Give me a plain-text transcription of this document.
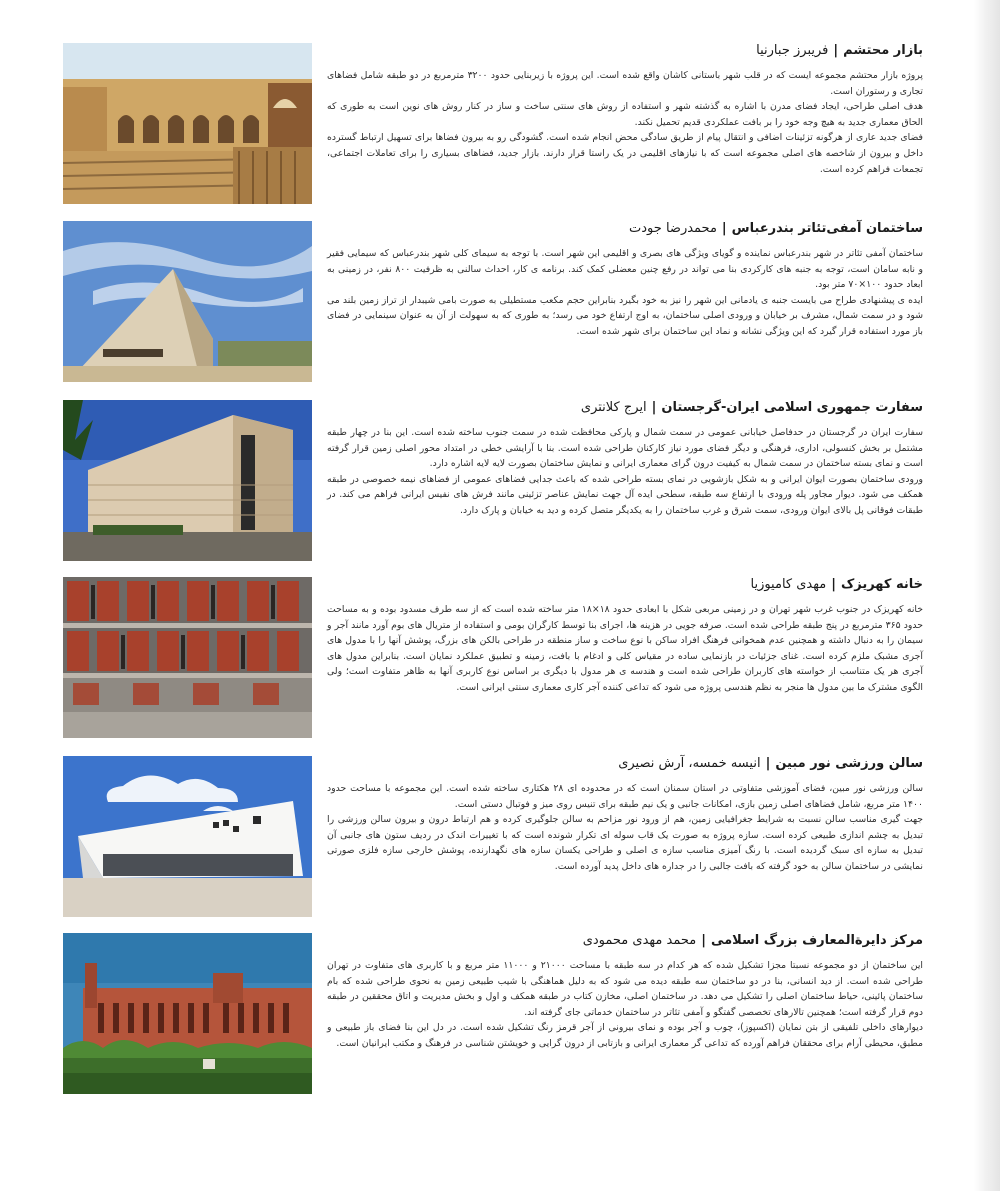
بازار محتشم|فریبرز جبارنیا

پروژه بازار محتشم مجموعه ایست که در قلب شهر باستانی کاشان واقع شده است. این پروژه با زیربنایی حدود ۳۲۰۰ مترمربع در دو طبقه شامل فضاهای تجاری و رستوران است.

هدف اصلی طراحی، ایجاد فضای مدرن با اشاره به گذشته شهر و استفاده از روش های سنتی ساخت و ساز در کنار روش های نوین است به طوری که الحاق معماری جدید به هیچ وجه خود را بر بافت عملکردی قدیم تحمیل نکند.

فضای جدید عاری از هرگونه تزئینات اضافی و انتقال پیام از طریق سادگی محض انجام شده است. گشودگی رو به بیرون فضاها برای تسهیل ارتباط گسترده داخل و بیرون از شاخصه های اصلی مجموعه است که با نیازهای اقلیمی در یک راستا قرار دارند. بازار جدید، فضاهای بسیاری را برای تعاملات اجتماعی، تجمعات فراهم کرده است.

ساختمان آمفی‌تئاتر بندرعباس|محمدرضا جودت

ساختمان آمفی تئاتر در شهر بندرعباس نماینده و گویای ویژگی های بصری و اقلیمی این شهر است. با توجه به سیمای کلی شهر بندرعباس که سیمایی فقیر و نابه سامان است، توجه به جنبه های کارکردی بنا می تواند در رفع چنین معضلی کمک کند. برنامه ی کار، احداث سالنی به ظرفیت ۸۰۰ نفر، در زمینی به ابعاد حدود ۱۰۰×۷۰ متر بود.

ایده ی پیشنهادی طراح می بایست جنبه ی یادمانی این شهر را نیز به خود بگیرد بنابراین حجم مکعب مستطیلی به صورت بامی شیبدار از تراز زمین بلند می شود و در سمت شمال، مشرف بر خیابان و ورودی اصلی ساختمان، به اوج ارتفاع خود می رسد؛ به طوری که به سهولت از آن به عنوان سینمایی در فضای باز مورد استفاده قرار گیرد که این ویژگی نشانه و نماد این ساختمان برای شهر شده است.

سفارت جمهوری اسلامی ایران-گرجستان|ایرج کلانتری

سفارت ایران در گرجستان در حدفاصل خیابانی عمومی در سمت شمال و پارکی محافظت شده در سمت جنوب ساخته شده است. این بنا در چهار طبقه مشتمل بر بخش کنسولی، اداری، فرهنگی و دیگر فضای مورد نیاز کارکنان طراحی شده است. بنا با آرایشی خطی در امتداد محور اصلی زمین قرار گرفته است و نمای بسته ساختمان در سمت شمال به کیفیت درون گرای معماری ایرانی و نمایش ساختمان بصورت لایه لایه اشاره دارد.

ورودی ساختمان بصورت ایوان ایرانی و به شکل بازشویی در نمای بسته طراحی شده که باعث جدایی فضاهای عمومی از فضاهای نیمه خصوصی در طبقه همکف می شود. دیوار مجاور پله ورودی با ارتفاع سه طبقه، سطحی ایده آل جهت نمایش عناصر تزئینی مانند فرش های نفیس ایرانی فراهم می کند. در طبقات فوقانی پل بالای ایوان ورودی، سمت شرق و غرب ساختمان را به یکدیگر متصل کرده و دید به خیابان و پارک دارد.

خانه کهریزک|مهدی کامیوزیا

خانه کهریزک در جنوب غرب شهر تهران و در زمینی مربعی شکل با ابعادی حدود ۱۸×۱۸ متر ساخته شده است که از سه طرف مسدود بوده و به مساحت حدود ۳۶۵ مترمربع در پنج طبقه طراحی شده است. صرفه جویی در هزینه ها، اجرای بنا توسط کارگران بومی و استفاده از متریال های بوم آورد مانند آجر و سیمان را به دنبال داشته و همچنین عدم همخوانی فرهنگ افراد ساکن با نوع ساخت و ساز منطقه در طراحی بالکن های بزرگ، پوشش آنها را با مدول های آجری مشبک ملزم کرده است. غنای جزئیات در بازنمایی ساده در مقیاس کلی و ادغام با بافت، زمینه و تطبیق عملکرد نمایان است. بنابراین مدول های آجری هر یک متناسب از خواسته های کاربران طراحی شده است و هندسه ی هر مدول با دیگری بر اساس نوع کاربری آنها به ظاهر متفاوت است؛ ولی الگوی مشترک ما بین مدول ها منجر به نظم هندسی پروژه می شود که تداعی کننده آجر کاری معماری سنتی ایرانی است.

سالن ورزشی نور مبین|انیسه خمسه، آرش نصیری

سالن ورزشی نور مبین، فضای آموزشی متفاوتی در استان سمنان است که در محدوده ای ۲۸ هکتاری ساخته شده است. این مجموعه با مساحت حدود ۱۴۰۰ متر مربع، شامل فضاهای اصلی زمین بازی، امکانات جانبی و یک نیم طبقه برای تنیس روی میز و فوتبال دستی است.

جهت گیری مناسب سالن نسبت به شرایط جغرافیایی زمین، هم از ورود نور مزاحم به سالن جلوگیری کرده و هم ارتباط درون و بیرون سالن ورزشی را تبدیل به چشم اندازی طبیعی کرده است. سازه پروژه به صورت یک قاب سوله ای تکرار شونده است که با تغییرات اندک در ردیف ستون های جانبی آن تبدیل به سازه ای سبک گردیده است. با رنگ آمیزی مناسب سازه ی اصلی و طراحی یکسان سازه های نگهدارنده، پوشش خارجی سازه فلزی صورتی نمایشی در ساختمان سالن به خود گرفته که بافت جالبی را در جداره های داخل پدید آورده است.

مرکز دایرةالمعارف بزرگ اسلامی|محمد مهدی محمودی

این ساختمان از دو مجموعه نسبتا مجزا تشکیل شده که هر کدام در سه طبقه با مساحت ۲۱۰۰۰ و ۱۱۰۰۰ متر مربع و با کاربری های متفاوت در تهران طراحی شده است. از دید انسانی، بنا در دو ساختمان سه طبقه دیده می شود که به دلیل هماهنگی با شیب طبیعی زمین به نحوی طراحی شده که بام ساختمان پائینی، حیاط ساختمان اصلی را تشکیل می دهد. در ساختمان اصلی، مخازن کتاب در طبقه همکف و اول و بخش مدیریت و اتاق محققین در طبقه دوم قرار گرفته است؛ همچنین تالارهای تخصصی گفتگو و آمفی تئاتر در ساختمان خدماتی جای گرفته اند.

دیوارهای داخلی تلفیقی از بتن نمایان (اکسپوز)، چوب و آجر بوده و نمای بیرونی از آجر قرمز رنگ تشکیل شده است. در دل این بنا فضای باز طبیعی و مطبق، محیطی آرام برای محققان فراهم آورده که تداعی گر معماری ایرانی و بازتابی از درون گرایی و خویشتن شناسی در فرهنگ و مکتب ایرانیان است.
